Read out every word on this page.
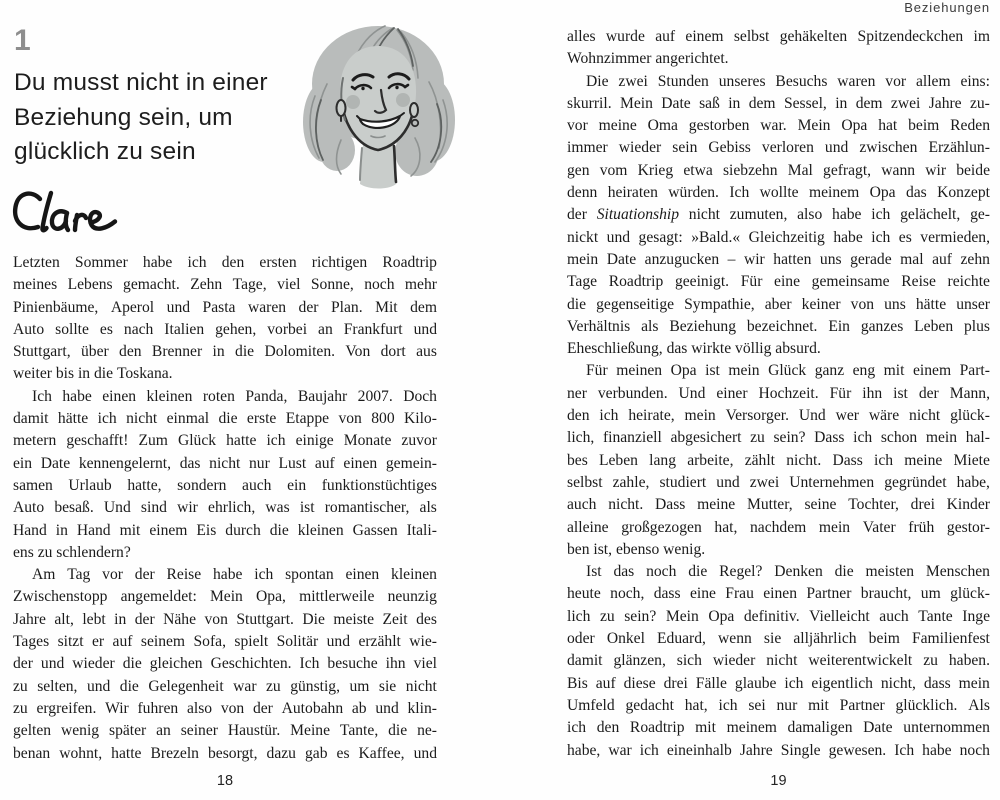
1
Du musst nicht in einer
Beziehung sein, um
glücklich zu sein
Letzten Sommer habe ich den ersten richtigen Roadtrip
meines Lebens gemacht. Zehn Tage, viel Sonne, noch mehr
Pinienbäume, Aperol und Pasta waren der Plan. Mit dem
Auto sollte es nach Italien gehen, vorbei an Frankfurt und
Stuttgart, über den Brenner in die Dolomiten. Von dort aus
weiter bis in die Toskana.
Ich habe einen kleinen roten Panda, Baujahr 2007. Doch
damit hätte ich nicht einmal die erste Etappe von 800 Kilo-
metern geschafft! Zum Glück hatte ich einige Monate zuvor
ein Date kennengelernt, das nicht nur Lust auf einen gemein-
samen Urlaub hatte, sondern auch ein funktionstüchtiges
Auto besaß. Und sind wir ehrlich, was ist romantischer, als
Hand in Hand mit einem Eis durch die kleinen Gassen Itali-
ens zu schlendern?
Am Tag vor der Reise habe ich spontan einen kleinen
Zwischenstopp angemeldet: Mein Opa, mittlerweile neunzig
Jahre alt, lebt in der Nähe von Stuttgart. Die meiste Zeit des
Tages sitzt er auf seinem Sofa, spielt Solitär und erzählt wie-
der und wieder die gleichen Geschichten. Ich besuche ihn viel
zu selten, und die Gelegenheit war zu günstig, um sie nicht
zu ergreifen. Wir fuhren also von der Autobahn ab und klin-
gelten wenig später an seiner Haustür. Meine Tante, die ne-
benan wohnt, hatte Brezeln besorgt, dazu gab es Kaffee, und
18
Beziehungen
alles wurde auf einem selbst gehäkelten Spitzendeckchen im
Wohnzimmer angerichtet.
Die zwei Stunden unseres Besuchs waren vor allem eins:
skurril. Mein Date saß in dem Sessel, in dem zwei Jahre zu-
vor meine Oma gestorben war. Mein Opa hat beim Reden
immer wieder sein Gebiss verloren und zwischen Erzählun-
gen vom Krieg etwa siebzehn Mal gefragt, wann wir beide
denn heiraten würden. Ich wollte meinem Opa das Konzept
der Situationship nicht zumuten, also habe ich gelächelt, ge-
nickt und gesagt: »Bald.« Gleichzeitig habe ich es vermieden,
mein Date anzugucken – wir hatten uns gerade mal auf zehn
Tage Roadtrip geeinigt. Für eine gemeinsame Reise reichte
die gegenseitige Sympathie, aber keiner von uns hätte unser
Verhältnis als Beziehung bezeichnet. Ein ganzes Leben plus
Eheschließung, das wirkte völlig absurd.
Für meinen Opa ist mein Glück ganz eng mit einem Part-
ner verbunden. Und einer Hochzeit. Für ihn ist der Mann,
den ich heirate, mein Versorger. Und wer wäre nicht glück-
lich, finanziell abgesichert zu sein? Dass ich schon mein hal-
bes Leben lang arbeite, zählt nicht. Dass ich meine Miete
selbst zahle, studiert und zwei Unternehmen gegründet habe,
auch nicht. Dass meine Mutter, seine Tochter, drei Kinder
alleine großgezogen hat, nachdem mein Vater früh gestor-
ben ist, ebenso wenig.
Ist das noch die Regel? Denken die meisten Menschen
heute noch, dass eine Frau einen Partner braucht, um glück-
lich zu sein? Mein Opa definitiv. Vielleicht auch Tante Inge
oder Onkel Eduard, wenn sie alljährlich beim Familienfest
damit glänzen, sich wieder nicht weiterentwickelt zu haben.
Bis auf diese drei Fälle glaube ich eigentlich nicht, dass mein
Umfeld gedacht hat, ich sei nur mit Partner glücklich. Als
ich den Roadtrip mit meinem damaligen Date unternommen
habe, war ich eineinhalb Jahre Single gewesen. Ich habe noch
19
